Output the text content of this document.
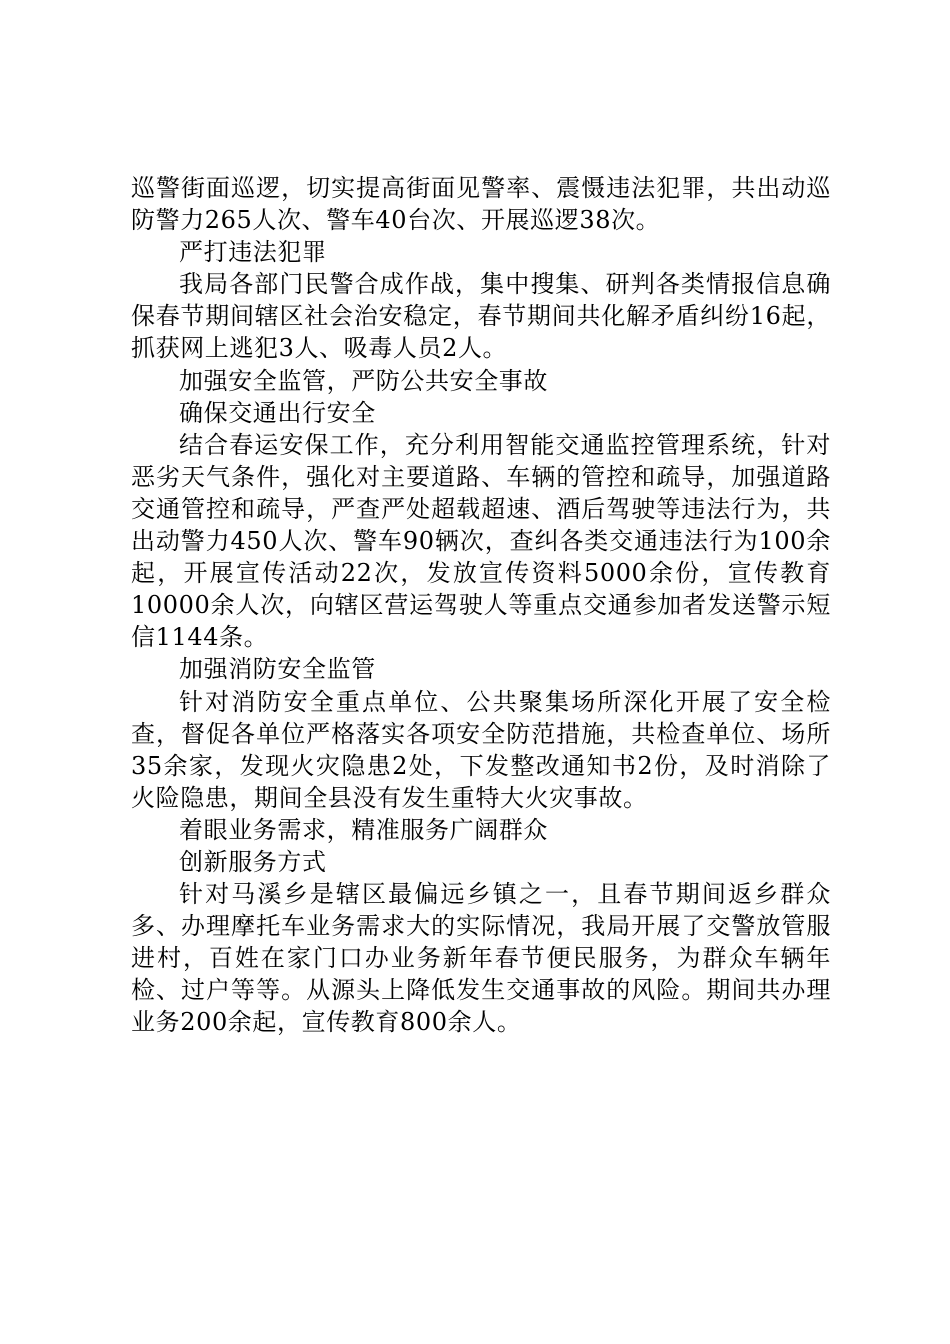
巡警街面巡逻，切实提高街面见警率、震慑违法犯罪，共出动巡防警力265人次、警车40台次、开展巡逻38次。

严打违法犯罪

我局各部门民警合成作战，集中搜集、研判各类情报信息确保春节期间辖区社会治安稳定，春节期间共化解矛盾纠纷16起，抓获网上逃犯3人、吸毒人员2人。

加强安全监管，严防公共安全事故

确保交通出行安全

结合春运安保工作，充分利用智能交通监控管理系统，针对恶劣天气条件，强化对主要道路、车辆的管控和疏导，加强道路交通管控和疏导，严查严处超载超速、酒后驾驶等违法行为，共出动警力450人次、警车90辆次，查纠各类交通违法行为100余起，开展宣传活动22次，发放宣传资料5000余份，宣传教育10000余人次，向辖区营运驾驶人等重点交通参加者发送警示短信1144条。

加强消防安全监管

针对消防安全重点单位、公共聚集场所深化开展了安全检查，督促各单位严格落实各项安全防范措施，共检查单位、场所35余家，发现火灾隐患2处，下发整改通知书2份，及时消除了火险隐患，期间全县没有发生重特大火灾事故。

着眼业务需求，精准服务广阔群众

创新服务方式

针对马溪乡是辖区最偏远乡镇之一，且春节期间返乡群众多、办理摩托车业务需求大的实际情况，我局开展了交警放管服进村，百姓在家门口办业务新年春节便民服务，为群众车辆年检、过户等等。从源头上降低发生交通事故的风险。期间共办理业务200余起，宣传教育800余人。
